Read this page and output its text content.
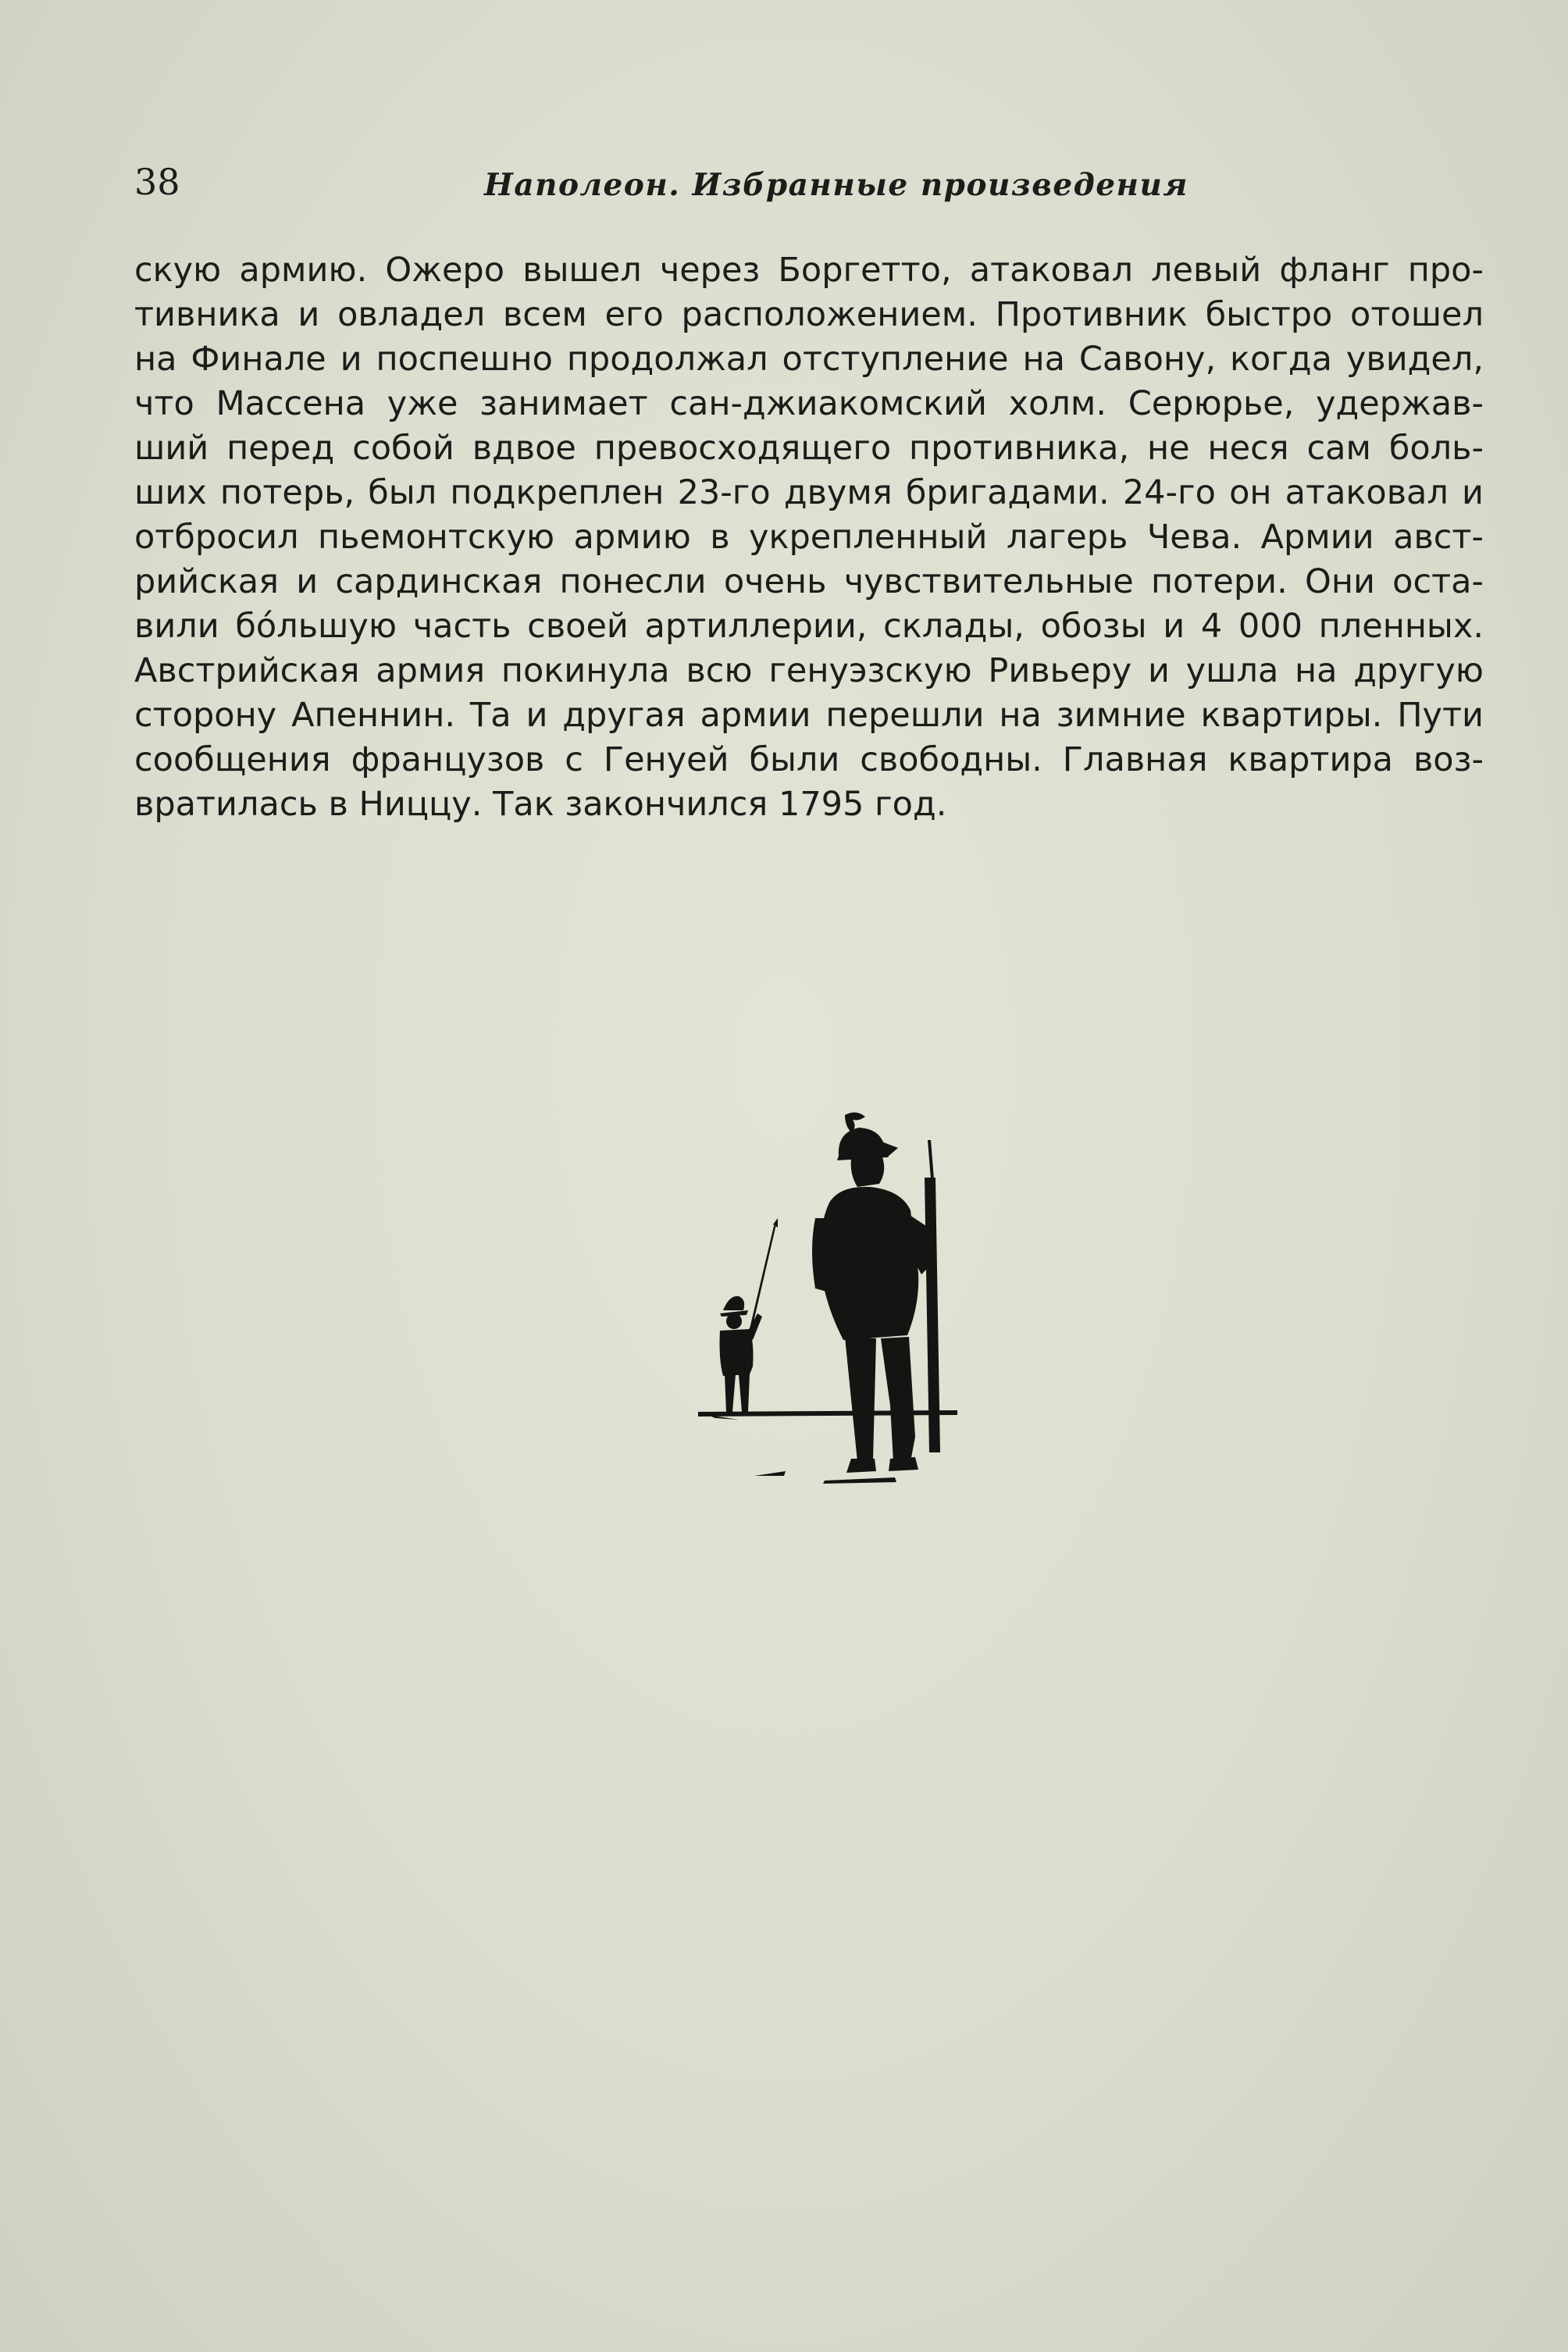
38	Наполеон. Избранные произведения
скую армию. Ожеро вышел через Боргетто, атаковал левый фланг про-
тивника и овладел всем его расположением. Противник быстро отошел
на Финале и поспешно продолжал отступление на Савону, когда увидел,
что Массена уже занимает сан-джиакомский холм. Серюрье, удержав-
ший перед собой вдвое превосходящего противника, не неся сам боль-
ших потерь, был подкреплен 23-го двумя бригадами. 24-го он атаковал и
отбросил пьемонтскую армию в укрепленный лагерь Чева. Армии авст-
рийская и сардинская понесли очень чувствительные потери. Они оста-
вили бóльшую часть своей артиллерии, склады, обозы и 4 000 пленных.
Австрийская армия покинула всю генуэзскую Ривьеру и ушла на другую
сторону Апеннин. Та и другая армии перешли на зимние квартиры. Пути
сообщения французов с Генуей были свободны. Главная квартира воз-
вратилась в Ниццу. Так закончился 1795 год.
